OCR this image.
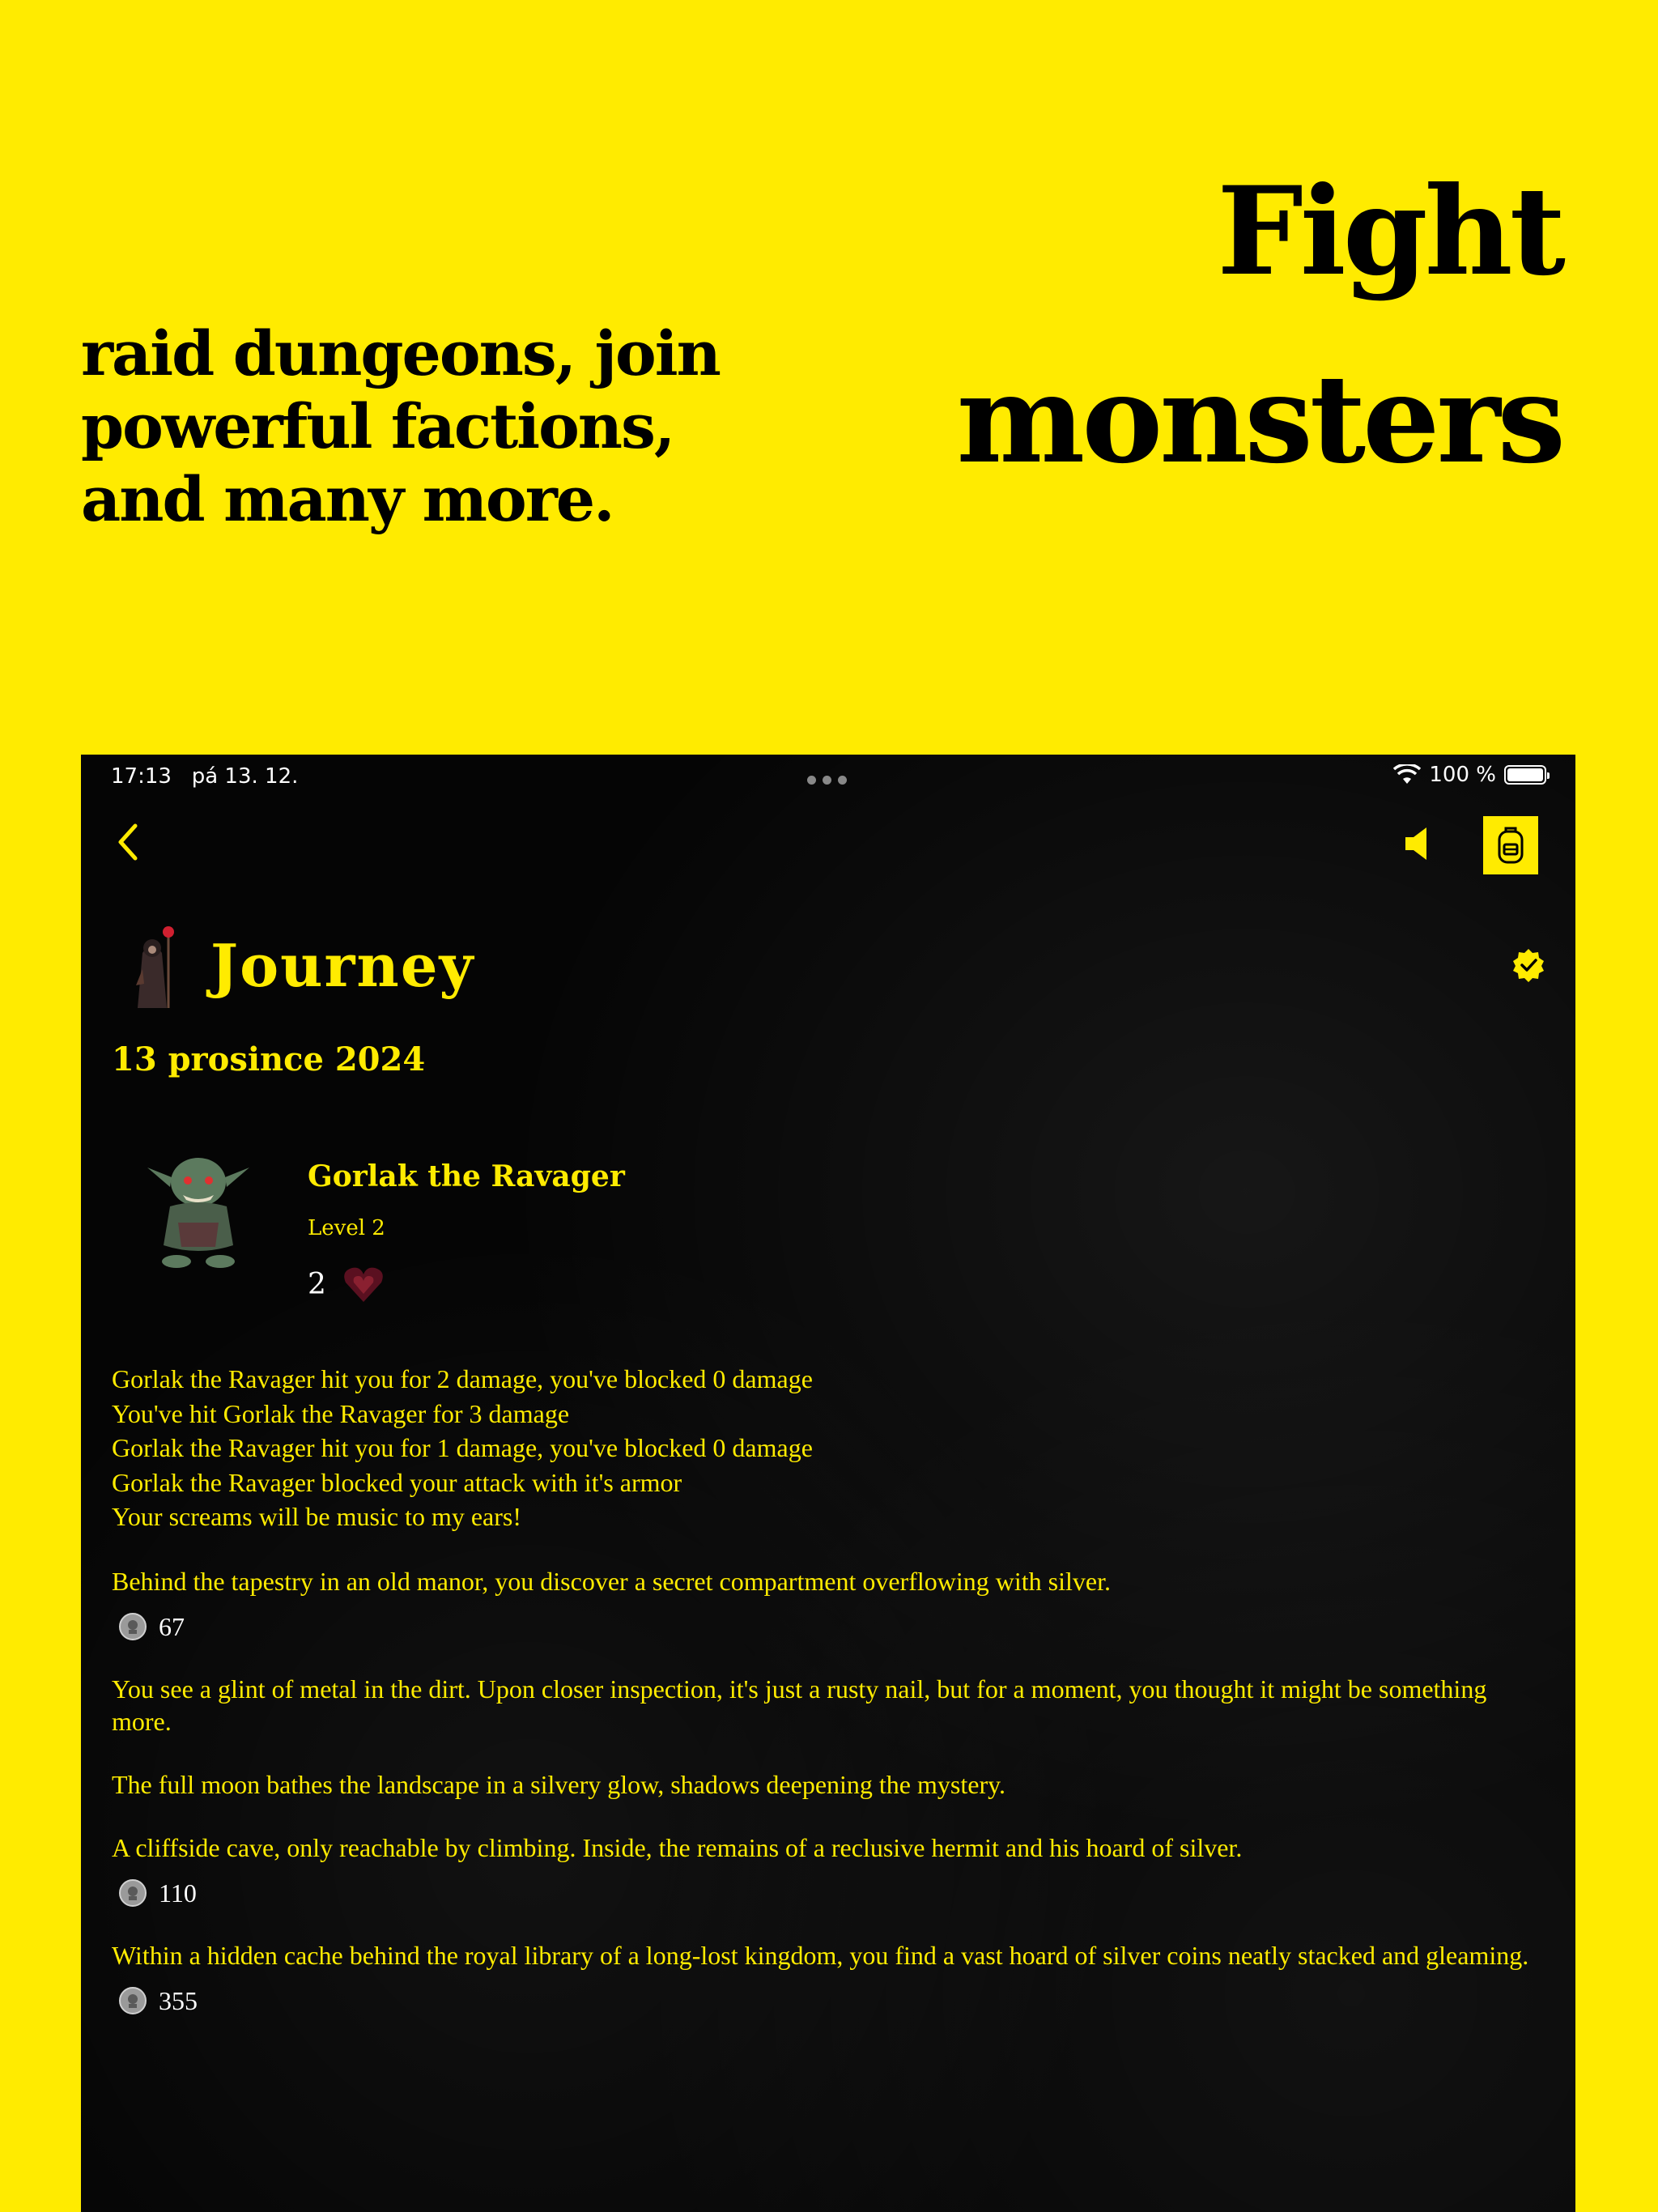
Fight
monsters
raid dungeons, join powerful factions, and many more.
17:13 pá 13. 12.	100 %
Journey
13 prosince 2024
Gorlak the Ravager
Level 2
2
Gorlak the Ravager hit you for 2 damage, you've blocked 0 damage
You've hit Gorlak the Ravager for 3 damage
Gorlak the Ravager hit you for 1 damage, you've blocked 0 damage
Gorlak the Ravager blocked your attack with it's armor
Your screams will be music to my ears!
Behind the tapestry in an old manor, you discover a secret compartment overflowing with silver.
67
You see a glint of metal in the dirt. Upon closer inspection, it's just a rusty nail, but for a moment, you thought it might be something more.
The full moon bathes the landscape in a silvery glow, shadows deepening the mystery.
A cliffside cave, only reachable by climbing. Inside, the remains of a reclusive hermit and his hoard of silver.
110
Within a hidden cache behind the royal library of a long-lost kingdom, you find a vast hoard of silver coins neatly stacked and gleaming.
355
